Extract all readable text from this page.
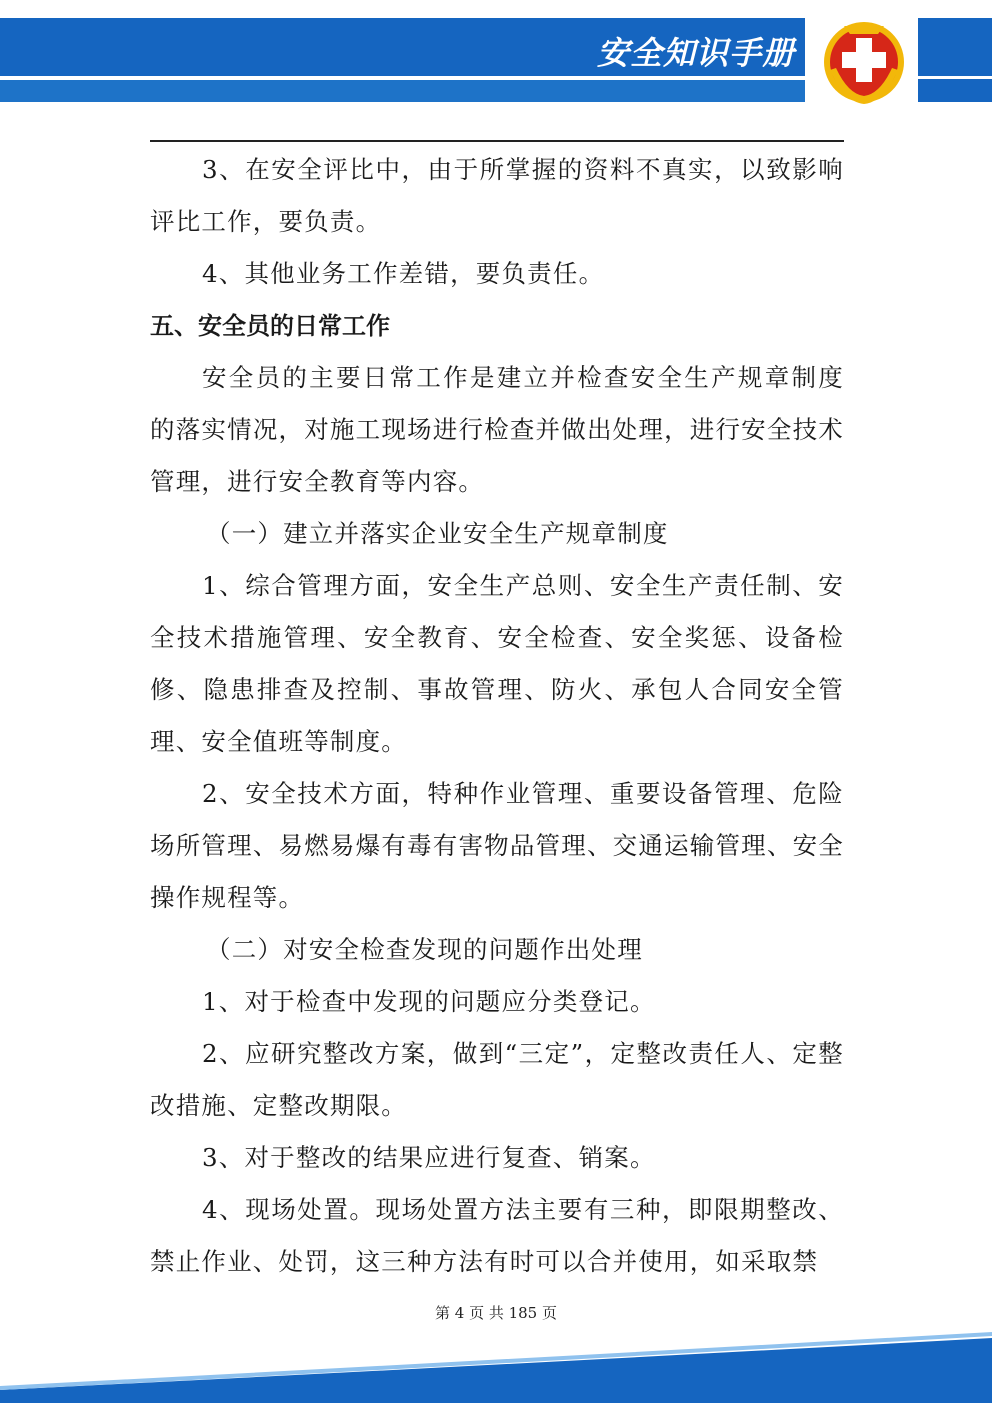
安全知识手册

3、在安全评比中，由于所掌握的资料不真实，以致影响评比工作，要负责。

4、其他业务工作差错，要负责任。

五、安全员的日常工作

安全员的主要日常工作是建立并检查安全生产规章制度的落实情况，对施工现场进行检查并做出处理，进行安全技术管理，进行安全教育等内容。

（一）建立并落实企业安全生产规章制度

1、综合管理方面，安全生产总则、安全生产责任制、安全技术措施管理、安全教育、安全检查、安全奖惩、设备检修、隐患排查及控制、事故管理、防火、承包人合同安全管理、安全值班等制度。

2、安全技术方面，特种作业管理、重要设备管理、危险场所管理、易燃易爆有毒有害物品管理、交通运输管理、安全操作规程等。

（二）对安全检查发现的问题作出处理

1、对于检查中发现的问题应分类登记。

2、应研究整改方案，做到“三定”，定整改责任人、定整改措施、定整改期限。

3、对于整改的结果应进行复查、销案。

4、现场处置。现场处置方法主要有三种，即限期整改、禁止作业、处罚，这三种方法有时可以合并使用，如采取禁

第 4 页 共 185 页
